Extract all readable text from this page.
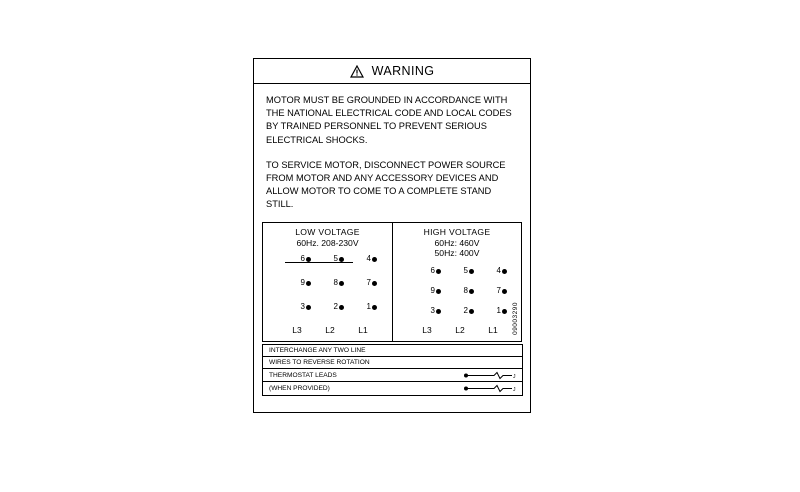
WARNING

MOTOR MUST BE GROUNDED IN ACCORDANCE WITH THE NATIONAL ELECTRICAL CODE AND LOCAL CODES BY TRAINED PERSONNEL TO PREVENT SERIOUS ELECTRICAL SHOCKS.

TO SERVICE MOTOR, DISCONNECT POWER SOURCE FROM MOTOR AND ANY ACCESSORY DEVICES AND ALLOW MOTOR TO COME TO A COMPLETE STAND STILL.

LOW VOLTAGE
60Hz. 208-230V
6	5	4
9	8	7
3	2	1
L3	L2	L1
HIGH VOLTAGE
60Hz: 460V
50Hz: 400V
6	5	4
9	8	7
3	2	1
L3	L2	L1	09003290
INTERCHANGE ANY TWO LINE
WIRES TO REVERSE ROTATION
THERMOSTAT LEADS	J
(WHEN PROVIDED)	J
